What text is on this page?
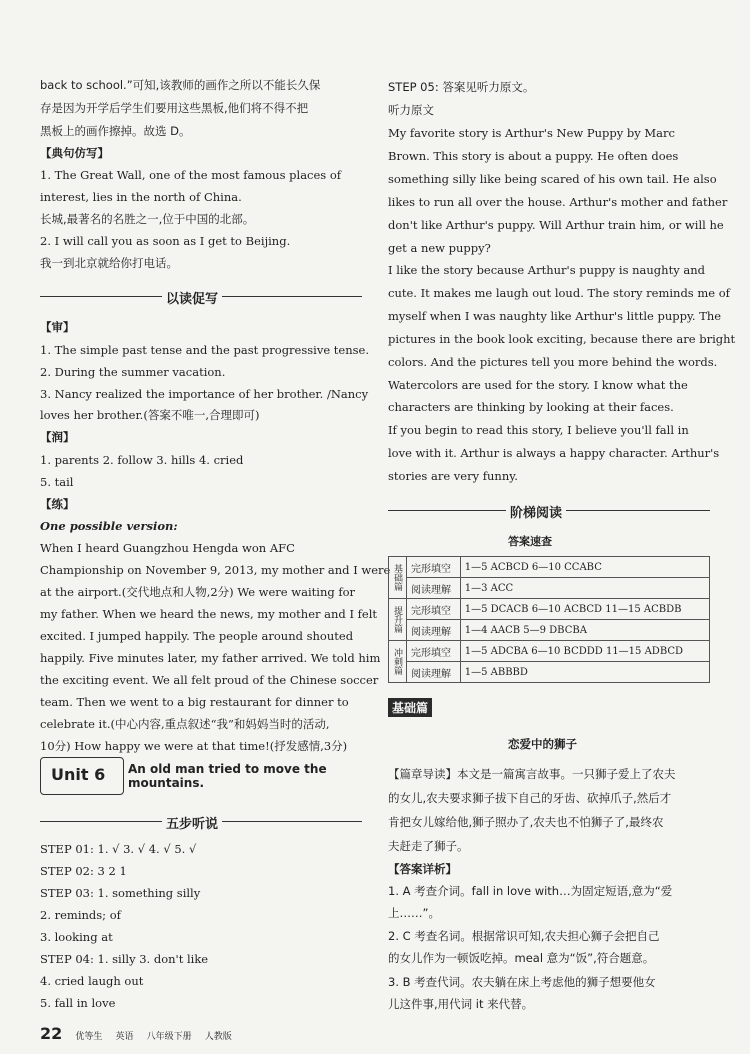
back to school.”可知,该教师的画作之所以不能长久保
存是因为开学后学生们要用这些黑板,他们将不得不把
黑板上的画作擦掉。故选 D。
【典句仿写】
1. The Great Wall, one of the most famous places of
interest, lies in the north of China.
长城,最著名的名胜之一,位于中国的北部。
2. I will call you as soon as I get to Beijing.
我一到北京就给你打电话。
以读促写
【审】
1. The simple past tense and the past progressive tense.
2. During the summer vacation.
3. Nancy realized the importance of her brother. /Nancy
loves her brother.(答案不唯一,合理即可)
【润】
1. parents 2. follow 3. hills 4. cried
5. tail
【练】
One possible version:
When I heard Guangzhou Hengda won AFC
Championship on November 9, 2013, my mother and I were
at the airport.(交代地点和人物,2分) We were waiting for
my father. When we heard the news, my mother and I felt
excited. I jumped happily. The people around shouted
happily. Five minutes later, my father arrived. We told him
the exciting event. We all felt proud of the Chinese soccer
team. Then we went to a big restaurant for dinner to
celebrate it.(中心内容,重点叙述“我”和妈妈当时的活动,
10分) How happy we were at that time!(抒发感情,3分)
Unit 6 An old man tried to move the mountains.
五步听说
STEP 01: 1. √ 3. √ 4. √ 5. √
STEP 02: 3 2 1
STEP 03: 1. something silly
2. reminds; of
3. looking at
STEP 04: 1. silly 3. don't like
4. cried laugh out
5. fall in love
STEP 05: 答案见听力原文。
听力原文
My favorite story is Arthur's New Puppy by Marc
Brown. This story is about a puppy. He often does
something silly like being scared of his own tail. He also
likes to run all over the house. Arthur's mother and father
don't like Arthur's puppy. Will Arthur train him, or will he
get a new puppy?
I like the story because Arthur's puppy is naughty and
cute. It makes me laugh out loud. The story reminds me of
myself when I was naughty like Arthur's little puppy. The
pictures in the book look exciting, because there are bright
colors. And the pictures tell you more behind the words.
Watercolors are used for the story. I know what the
characters are thinking by looking at their faces.
If you begin to read this story, I believe you'll fall in
love with it. Arthur is always a happy character. Arthur's
stories are very funny.
阶梯阅读
答案速查
基础篇	完形填空	1—5 ACBCD 6—10 CCABC
	阅读理解	1—3 ACC
提升篇	完形填空	1—5 DCACB 6—10 ACBCD 11—15 ACBDB
	阅读理解	1—4 AACB 5—9 DBCBA
冲刺篇	完形填空	1—5 ADCBA 6—10 BCDDD 11—15 ADBCD
	阅读理解	1—5 ABBBD
基础篇
恋爱中的狮子
【篇章导读】本文是一篇寓言故事。一只狮子爱上了农夫
的女儿,农夫要求狮子拔下自己的牙齿、砍掉爪子,然后才
肯把女儿嫁给他,狮子照办了,农夫也不怕狮子了,最终农
夫赶走了狮子。
【答案详析】
1. A 考查介词。fall in love with…为固定短语,意为“爱
上……”。
2. C 考查名词。根据常识可知,农夫担心狮子会把自己
的女儿作为一顿饭吃掉。meal 意为“饭”,符合题意。
3. B 考查代词。农夫躺在床上考虑他的狮子想要他女
儿这件事,用代词 it 来代替。
22 优等生 英语 八年级下册 人教版
